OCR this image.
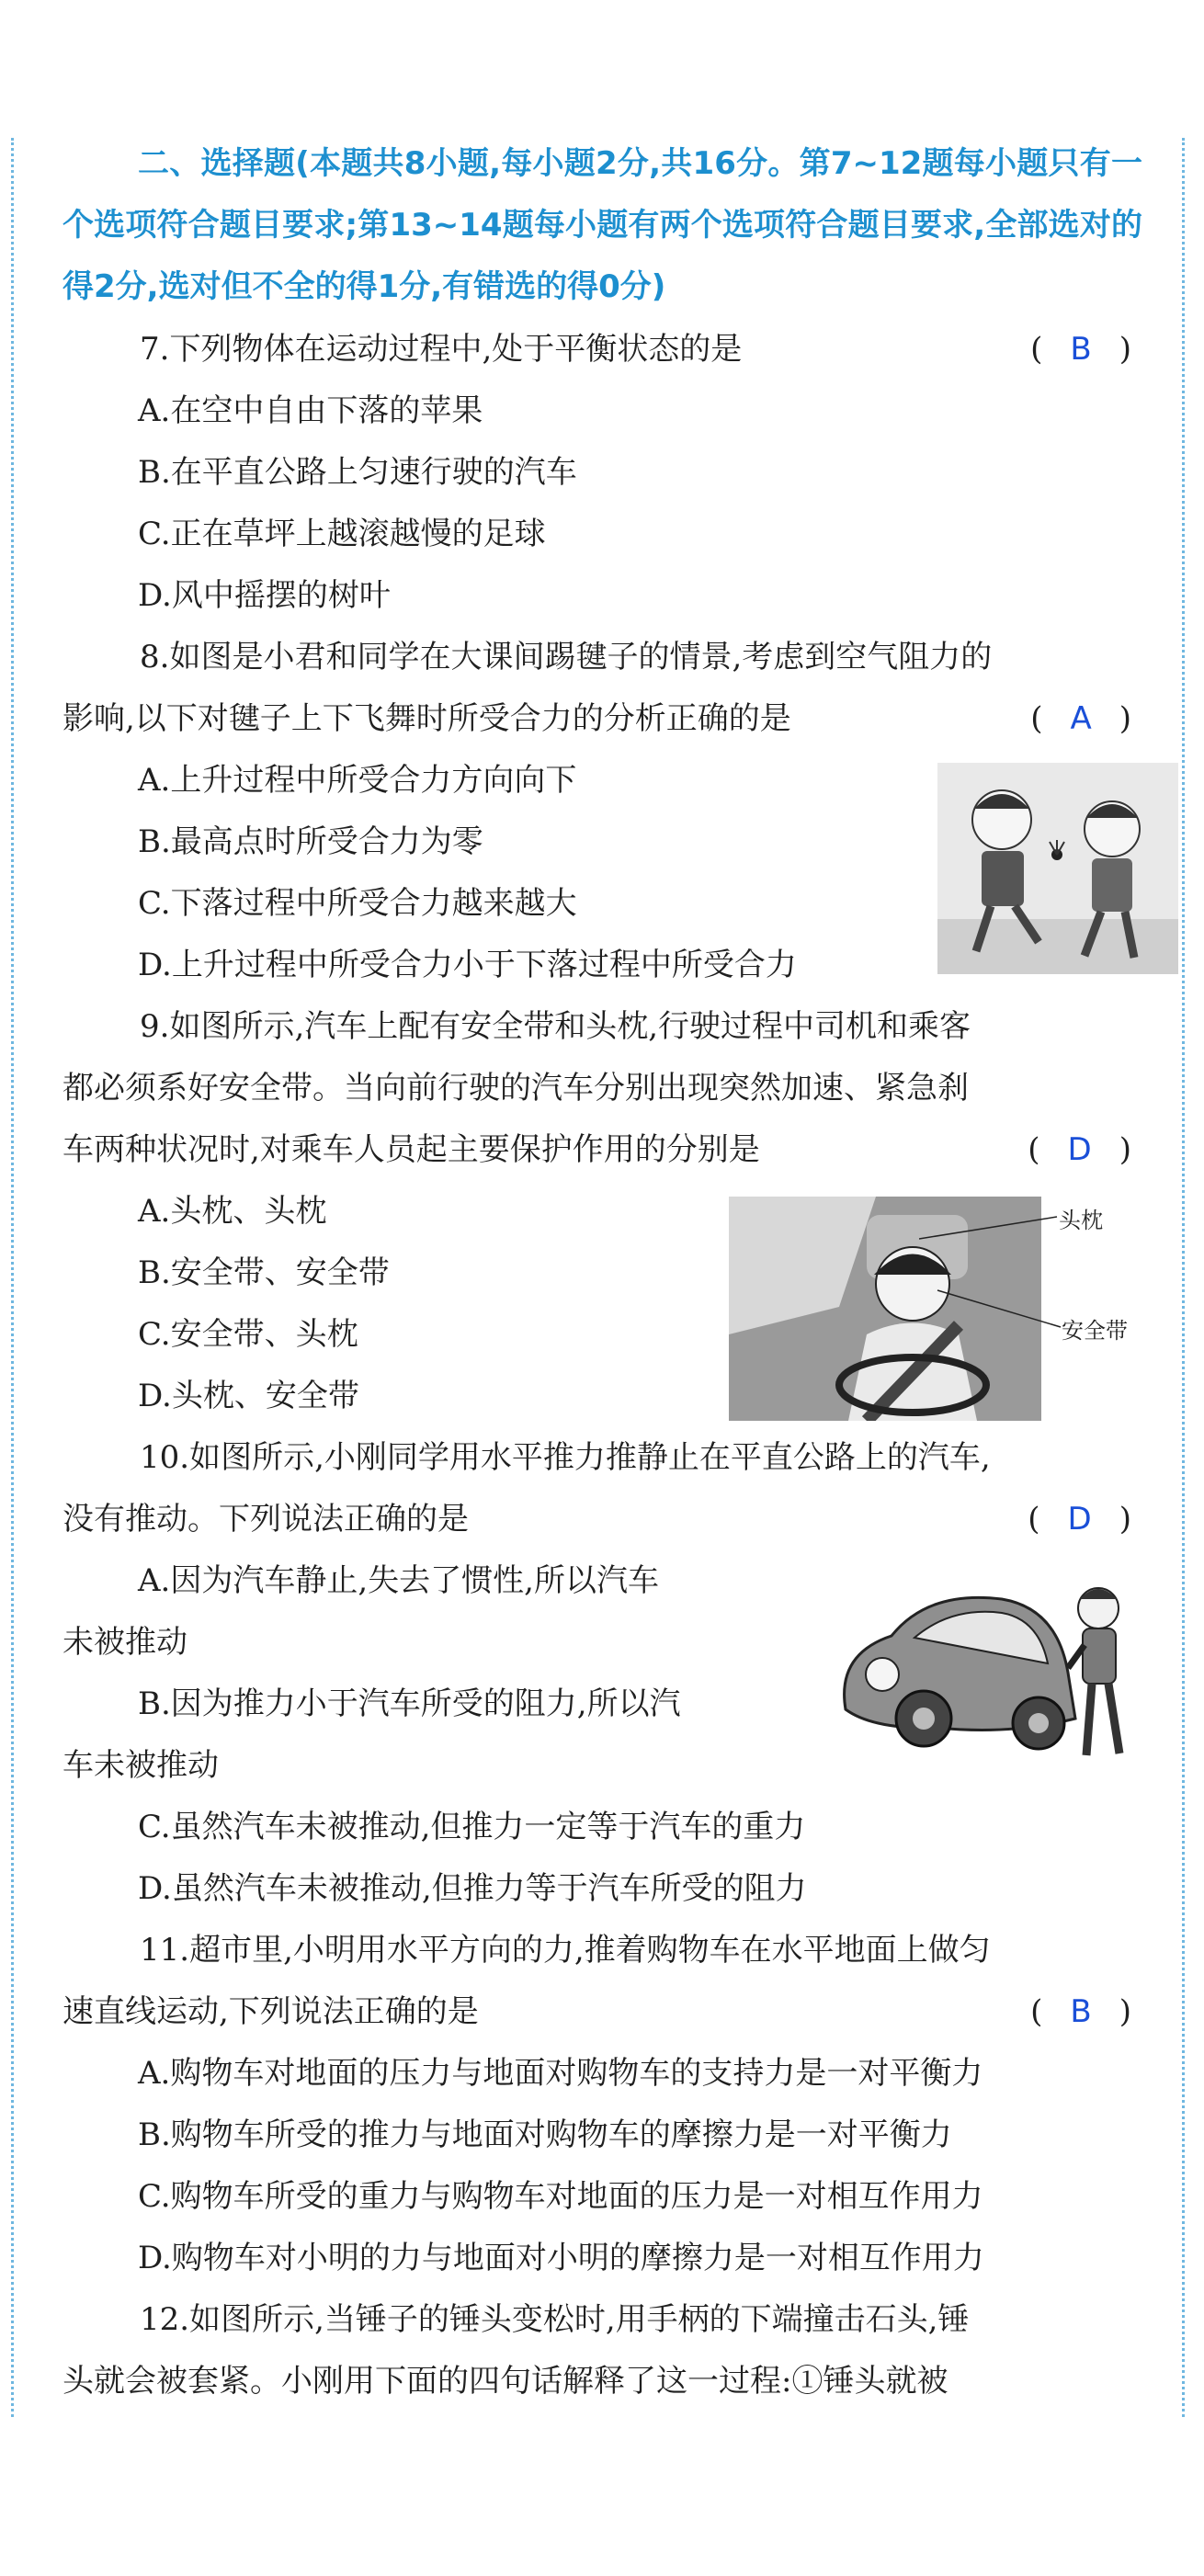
二、选择题(本题共8小题,每小题2分,共16分。第7~12题每小题只有一个选项符合题目要求;第13~14题每小题有两个选项符合题目要求,全部选对的得2分,选对但不全的得1分,有错选的得0分)

7.下列物体在运动过程中,处于平衡状态的是	( B )
A.在空中自由下落的苹果
B.在平直公路上匀速行驶的汽车
C.正在草坪上越滚越慢的足球
D.风中摇摆的树叶
8.如图是小君和同学在大课间踢毽子的情景,考虑到空气阻力的
影响,以下对毽子上下飞舞时所受合力的分析正确的是	( A )
A.上升过程中所受合力方向向下
B.最高点时所受合力为零
C.下落过程中所受合力越来越大
D.上升过程中所受合力小于下落过程中所受合力
9.如图所示,汽车上配有安全带和头枕,行驶过程中司机和乘客
都必须系好安全带。当向前行驶的汽车分别出现突然加速、紧急刹
车两种状况时,对乘车人员起主要保护作用的分别是	( D )
A.头枕、头枕
B.安全带、安全带
C.安全带、头枕
D.头枕、安全带
头枕
安全带
10.如图所示,小刚同学用水平推力推静止在平直公路上的汽车,
没有推动。下列说法正确的是	( D )
A.因为汽车静止,失去了惯性,所以汽车
未被推动
B.因为推力小于汽车所受的阻力,所以汽
车未被推动
C.虽然汽车未被推动,但推力一定等于汽车的重力
D.虽然汽车未被推动,但推力等于汽车所受的阻力
11.超市里,小明用水平方向的力,推着购物车在水平地面上做匀
速直线运动,下列说法正确的是	( B )
A.购物车对地面的压力与地面对购物车的支持力是一对平衡力
B.购物车所受的推力与地面对购物车的摩擦力是一对平衡力
C.购物车所受的重力与购物车对地面的压力是一对相互作用力
D.购物车对小明的力与地面对小明的摩擦力是一对相互作用力
12.如图所示,当锤子的锤头变松时,用手柄的下端撞击石头,锤
头就会被套紧。小刚用下面的四句话解释了这一过程:①锤头就被
